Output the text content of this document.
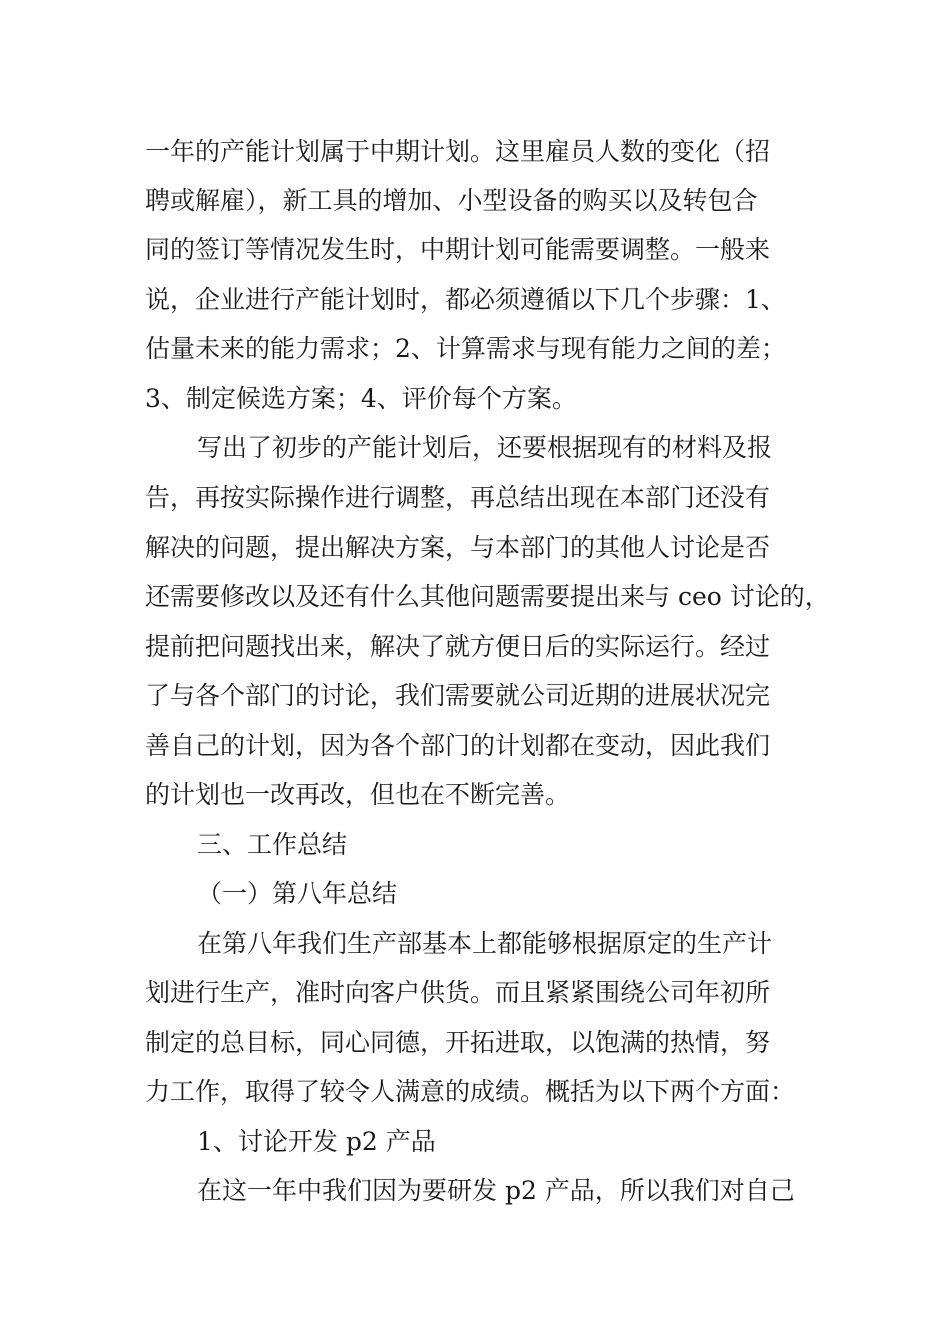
一年的产能计划属于中期计划。这里雇员人数的变化（招
聘或解雇），新工具的增加、小型设备的购买以及转包合
同的签订等情况发生时，中期计划可能需要调整。一般来
说，企业进行产能计划时，都必须遵循以下几个步骤：1、
估量未来的能力需求；2、计算需求与现有能力之间的差；
3、制定候选方案；4、评价每个方案。
写出了初步的产能计划后，还要根据现有的材料及报
告，再按实际操作进行调整，再总结出现在本部门还没有
解决的问题，提出解决方案，与本部门的其他人讨论是否
还需要修改以及还有什么其他问题需要提出来与 ceo 讨论的，
提前把问题找出来，解决了就方便日后的实际运行。经过
了与各个部门的讨论，我们需要就公司近期的进展状况完
善自己的计划，因为各个部门的计划都在变动，因此我们
的计划也一改再改，但也在不断完善。
三、工作总结
（一）第八年总结
在第八年我们生产部基本上都能够根据原定的生产计
划进行生产，准时向客户供货。而且紧紧围绕公司年初所
制定的总目标，同心同德，开拓进取，以饱满的热情，努
力工作，取得了较令人满意的成绩。概括为以下两个方面：
1、讨论开发 p2 产品
在这一年中我们因为要研发 p2 产品，所以我们对自己
